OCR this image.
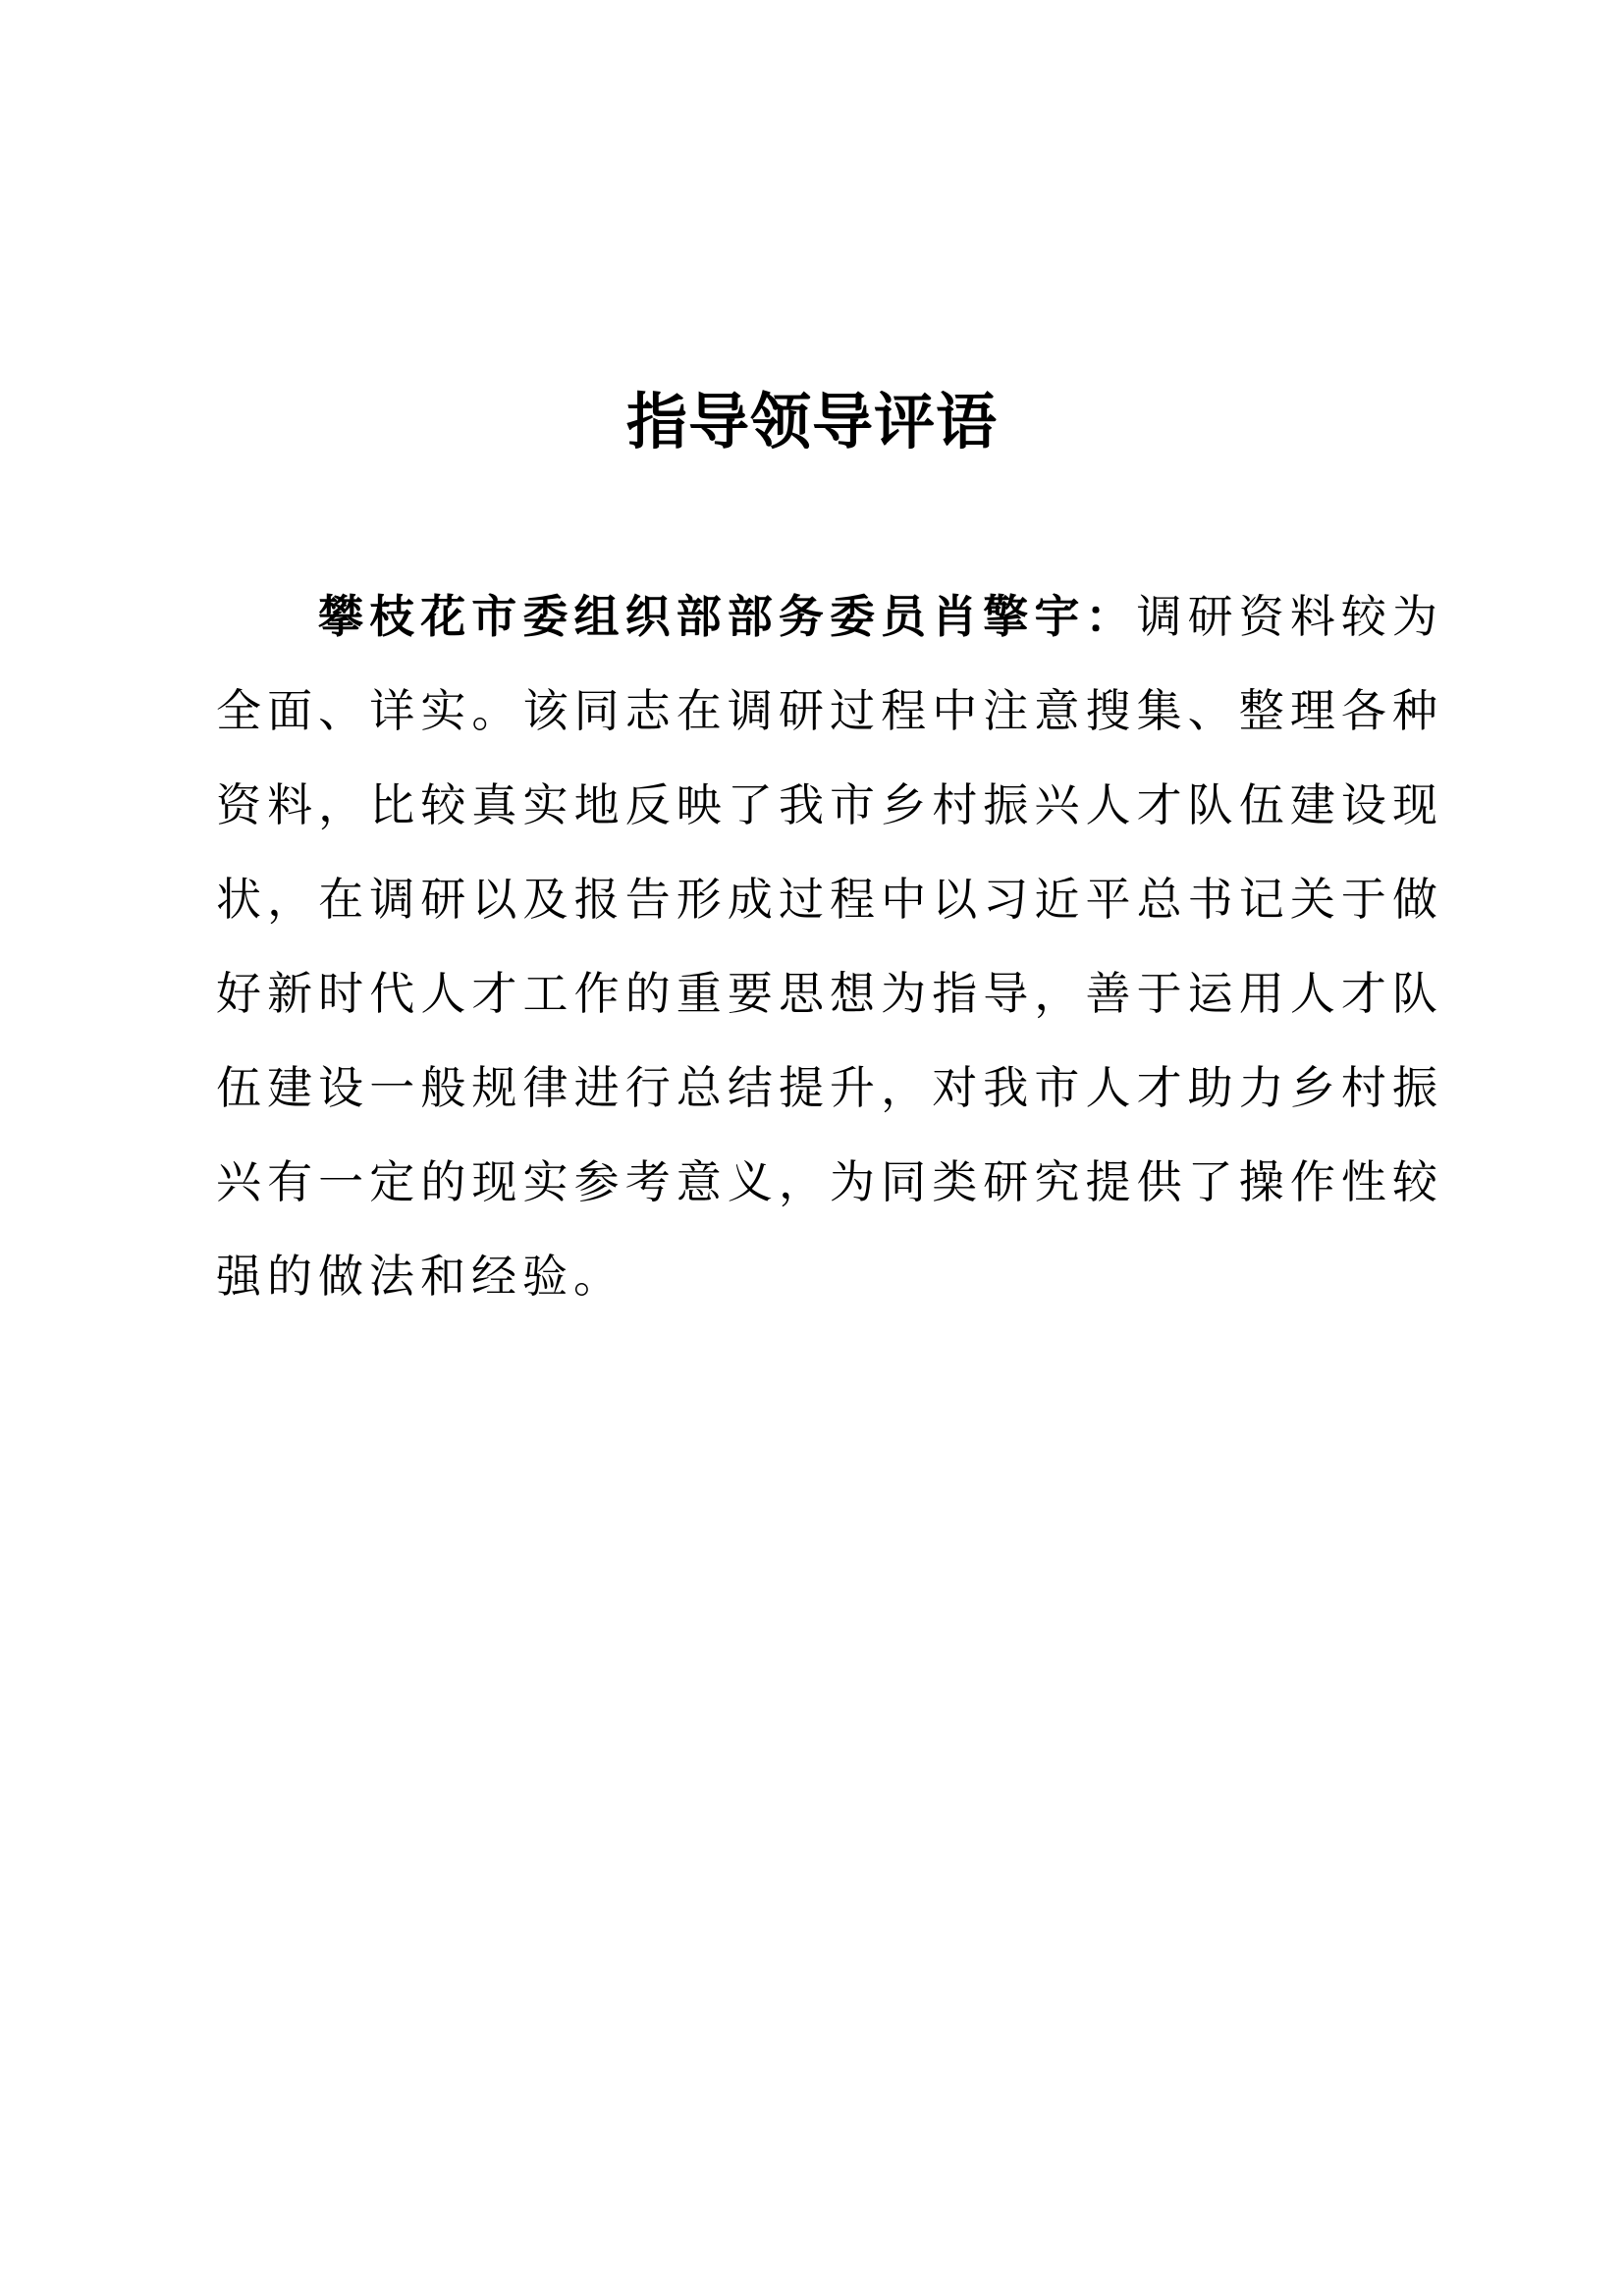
指导领导评语

攀枝花市委组织部部务委员肖擎宇：调研资料较为全面、详实。该同志在调研过程中注意搜集、整理各种资料，比较真实地反映了我市乡村振兴人才队伍建设现状，在调研以及报告形成过程中以习近平总书记关于做好新时代人才工作的重要思想为指导，善于运用人才队伍建设一般规律进行总结提升，对我市人才助力乡村振兴有一定的现实参考意义，为同类研究提供了操作性较强的做法和经验。
